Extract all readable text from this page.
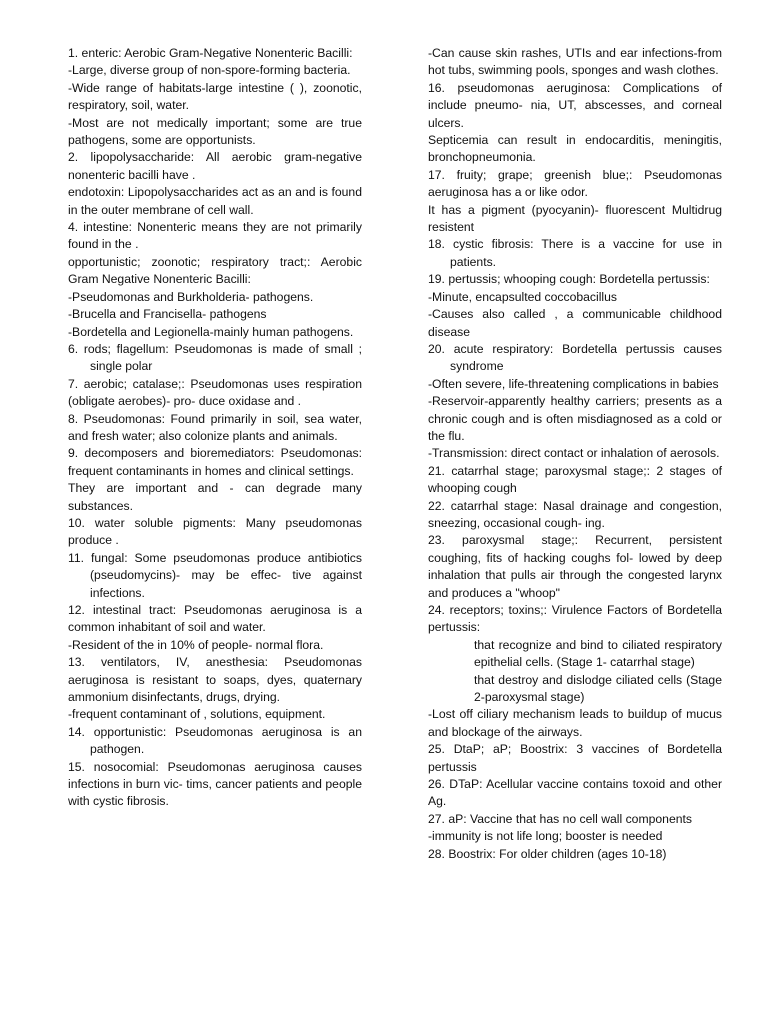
1. enteric: Aerobic Gram-Negative Nonenteric Bacilli:

-Large, diverse group of non-spore-forming bacteria.

-Wide range of habitats-large intestine ( ), zoonotic, respiratory, soil, water.

-Most are not medically important; some are true pathogens, some are opportunists.

2. lipopolysaccharide: All aerobic gram-negative nonenteric bacilli have .

endotoxin: Lipopolysaccharides act as an and is found in the outer membrane of cell wall.

4. intestine: Nonenteric means they are not primarily found in the .

opportunistic; zoonotic; respiratory tract;: Aerobic Gram Negative Nonenteric Bacilli:

-Pseudomonas and Burkholderia- pathogens.

-Brucella and Francisella- pathogens

-Bordetella and Legionella-mainly human pathogens.

6. rods; flagellum: Pseudomonas is made of small ; single polar

7. aerobic; catalase;: Pseudomonas uses respiration (obligate aerobes)- pro- duce oxidase and .

8. Pseudomonas: Found primarily in soil, sea water, and fresh water; also colonize plants and animals.

9. decomposers and bioremediators: Pseudomonas: frequent contaminants in homes and clinical settings.

They are important and - can degrade many substances.

10. water soluble pigments: Many pseudomonas produce .

11. fungal: Some pseudomonas produce antibiotics (pseudomycins)- may be effec- tive against infections.

12. intestinal tract: Pseudomonas aeruginosa is a common inhabitant of soil and water.

-Resident of the in 10% of people- normal flora.

13. ventilators, IV, anesthesia: Pseudomonas aeruginosa is resistant to soaps, dyes, quaternary ammonium disinfectants, drugs, drying.

-frequent contaminant of , solutions, equipment.

14. opportunistic: Pseudomonas aeruginosa is an pathogen.

15. nosocomial: Pseudomonas aeruginosa causes infections in burn vic- tims, cancer patients and people with cystic fibrosis.

-Can cause skin rashes, UTIs and ear infections-from hot tubs, swimming pools, sponges and wash clothes.

16. pseudomonas aeruginosa: Complications of include pneumo- nia, UT, abscesses, and corneal ulcers.

Septicemia can result in endocarditis, meningitis, bronchopneumonia.

17. fruity; grape; greenish blue;: Pseudomonas aeruginosa has a or like odor.

It has a pigment (pyocyanin)- fluorescent Multidrug resistent

18. cystic fibrosis: There is a vaccine for use in patients.

19. pertussis; whooping cough: Bordetella pertussis:

-Minute, encapsulted coccobacillus

-Causes also called , a communicable childhood disease

20. acute respiratory: Bordetella pertussis causes syndrome

-Often severe, life-threatening complications in babies

-Reservoir-apparently healthy carriers; presents as a chronic cough and is often misdiagnosed as a cold or the flu.

-Transmission: direct contact or inhalation of aerosols.

21. catarrhal stage; paroxysmal stage;: 2 stages of whooping cough

22. catarrhal stage: Nasal drainage and congestion, sneezing, occasional cough- ing.

23. paroxysmal stage;: Recurrent, persistent coughing, fits of hacking coughs fol- lowed by deep inhalation that pulls air through the congested larynx and produces a "whoop"

24. receptors; toxins;: Virulence Factors of Bordetella pertussis:

that recognize and bind to ciliated respiratory epithelial cells. (Stage 1- catarrhal stage)

that destroy and dislodge ciliated cells (Stage 2-paroxysmal stage)

-Lost off ciliary mechanism leads to buildup of mucus and blockage of the airways.

25. DtaP; aP; Boostrix: 3 vaccines of Bordetella pertussis

26. DTaP: Acellular vaccine contains toxoid and other Ag.

27. aP: Vaccine that has no cell wall components

-immunity is not life long; booster is needed

28. Boostrix: For older children (ages 10-18)
